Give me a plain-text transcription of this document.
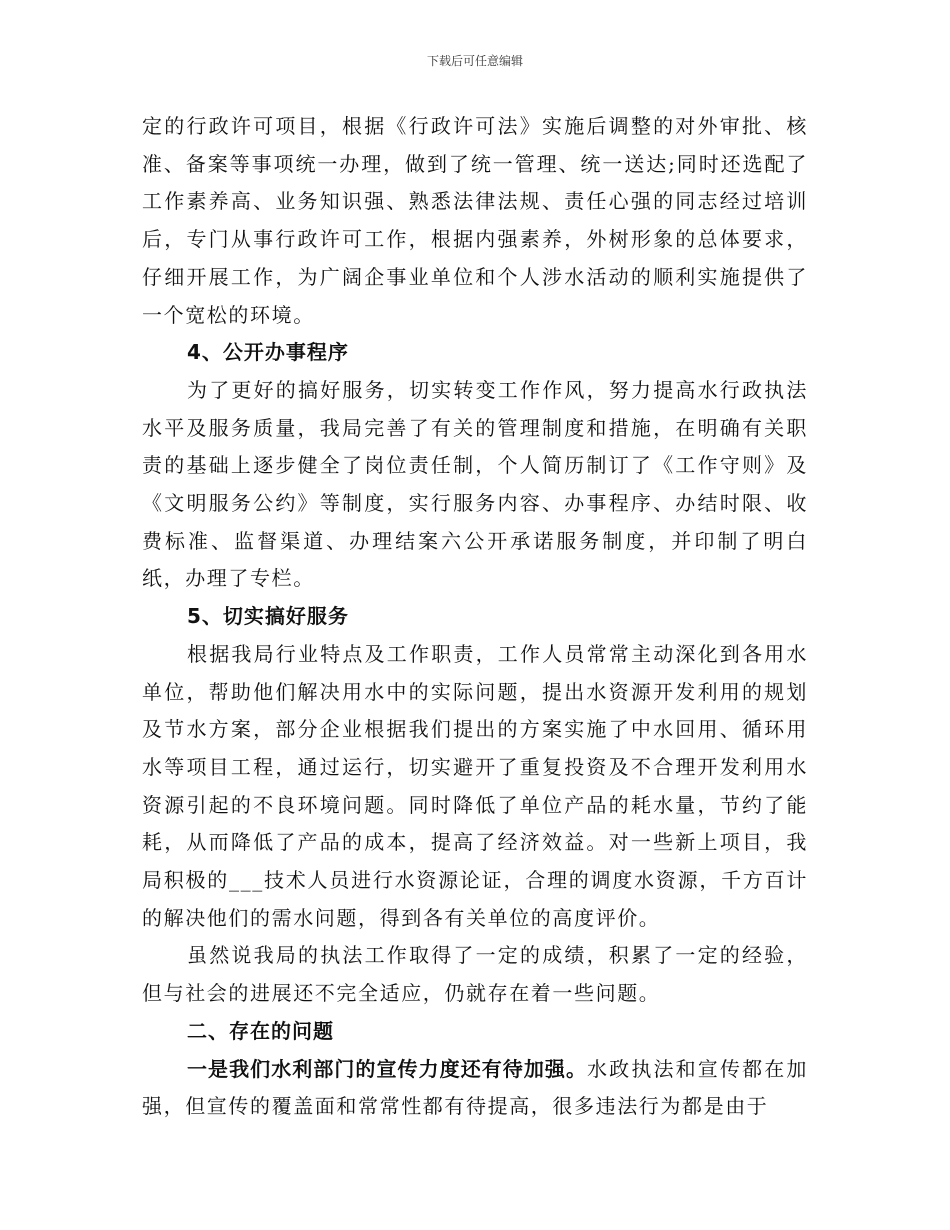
下载后可任意编辑

定的行政许可项目，根据《行政许可法》实施后调整的对外审批、核准、备案等事项统一办理，做到了统一管理、统一送达;同时还选配了工作素养高、业务知识强、熟悉法律法规、责任心强的同志经过培训后，专门从事行政许可工作，根据内强素养，外树形象的总体要求，仔细开展工作，为广阔企事业单位和个人涉水活动的顺利实施提供了一个宽松的环境。

4、公开办事程序

为了更好的搞好服务，切实转变工作作风，努力提高水行政执法水平及服务质量，我局完善了有关的管理制度和措施，在明确有关职责的基础上逐步健全了岗位责任制，个人简历制订了《工作守则》及《文明服务公约》等制度，实行服务内容、办事程序、办结时限、收费标准、监督渠道、办理结案六公开承诺服务制度，并印制了明白纸，办理了专栏。

5、切实搞好服务

根据我局行业特点及工作职责，工作人员常常主动深化到各用水单位，帮助他们解决用水中的实际问题，提出水资源开发利用的规划及节水方案，部分企业根据我们提出的方案实施了中水回用、循环用水等项目工程，通过运行，切实避开了重复投资及不合理开发利用水资源引起的不良环境问题。同时降低了单位产品的耗水量，节约了能耗，从而降低了产品的成本，提高了经济效益。对一些新上项目，我局积极的___技术人员进行水资源论证，合理的调度水资源，千方百计的解决他们的需水问题，得到各有关单位的高度评价。

虽然说我局的执法工作取得了一定的成绩，积累了一定的经验，但与社会的进展还不完全适应，仍就存在着一些问题。

二、存在的问题

一是我们水利部门的宣传力度还有待加强。水政执法和宣传都在加强，但宣传的覆盖面和常常性都有待提高，很多违法行为都是由于
